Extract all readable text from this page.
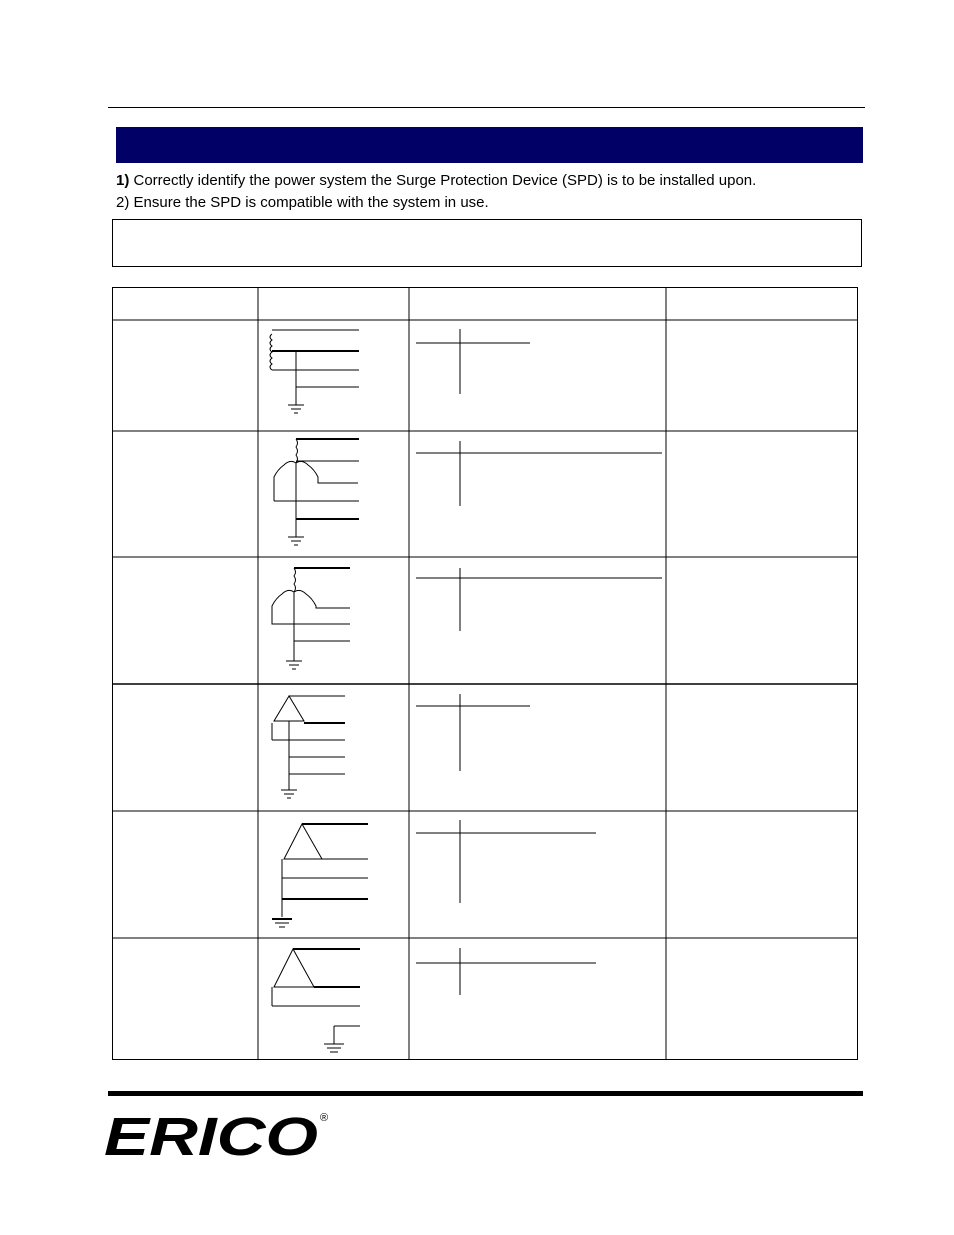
1) Correctly identify the power system the Surge Protection Device (SPD) is to be installed upon.
2) Ensure the SPD is compatible with the system in use.
ERICO ®
